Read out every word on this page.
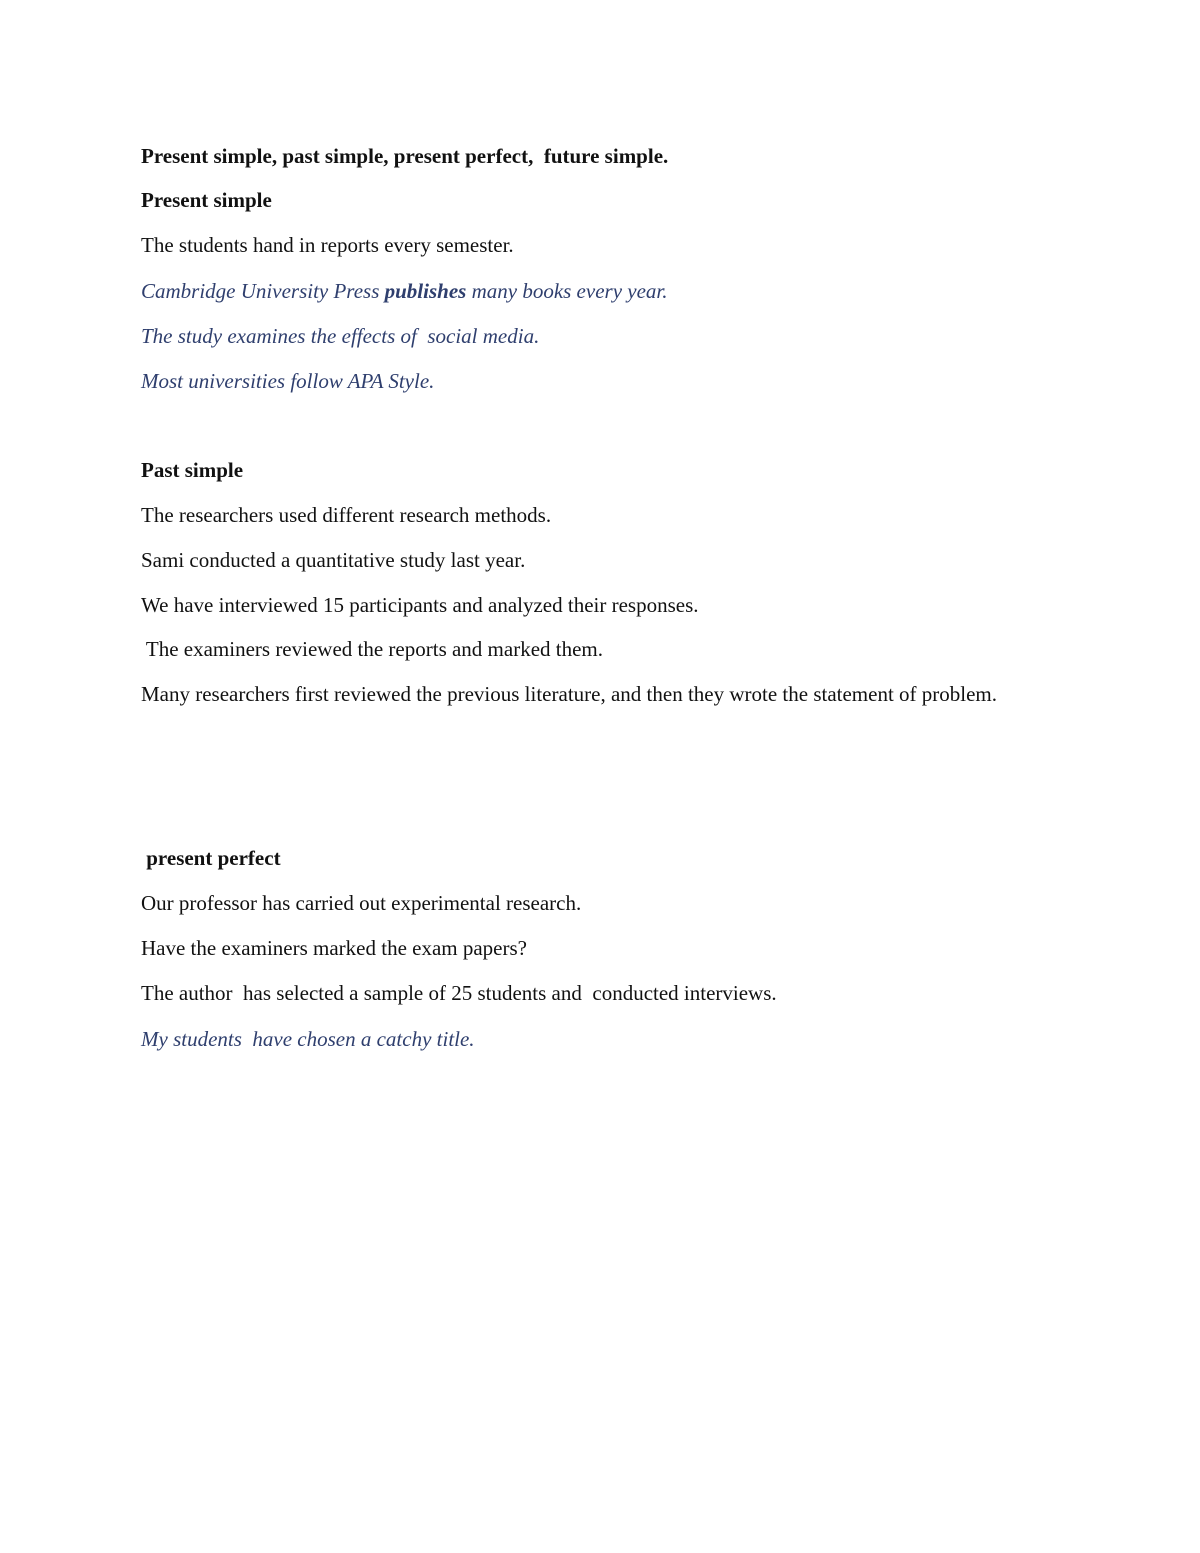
Present simple, past simple, present perfect,  future simple.

Present simple

The students hand in reports every semester.

Cambridge University Press publishes many books every year.

The study examines the effects of  social media.

Most universities follow APA Style.

Past simple

The researchers used different research methods.

Sami conducted a quantitative study last year.

We have interviewed 15 participants and analyzed their responses.

The examiners reviewed the reports and marked them.

Many researchers first reviewed the previous literature, and then they wrote the statement of problem.

present perfect

Our professor has carried out experimental research.

Have the examiners marked the exam papers?

The author  has selected a sample of 25 students and  conducted interviews.

My students  have chosen a catchy title.
